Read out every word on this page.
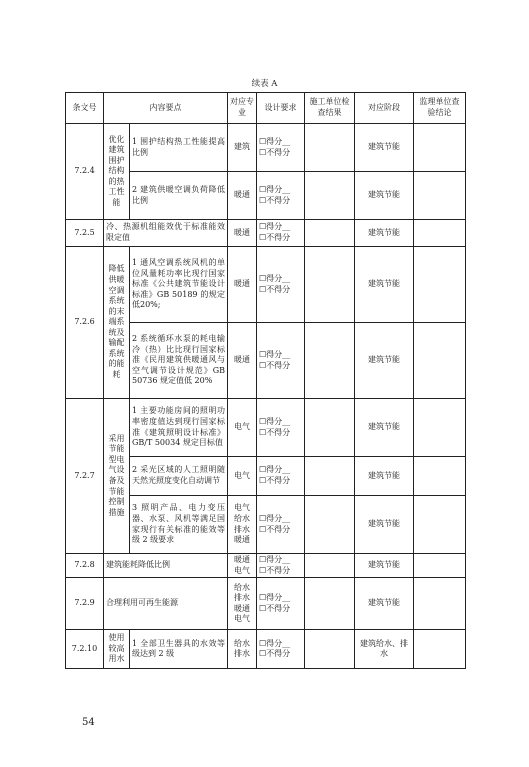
续表 A
条文号	内容要点		对应专业	设计要求	施工单位检查结果	对应阶段	监理单位查验结论
7.2.4	优化建筑围护结构的热工性能	1 围护结构热工性能提高比例	建筑	☐得分__
☐不得分		建筑节能	
		2 建筑供暖空调负荷降低比例	暖通	☐得分__
☐不得分		建筑节能	
7.2.5	冷、热源机组能效优于标准能效限定值		暖通	☐得分__
☐不得分		建筑节能	
7.2.6	降低供暖空调系统的末端系统及输配系统的能耗	1 通风空调系统风机的单位风量耗功率比现行国家标准《公共建筑节能设计标准》GB 50189 的规定低20%;	暖通	☐得分__
☐不得分		建筑节能	
		2 系统循环水泵的耗电输冷（热）比比现行国家标准《民用建筑供暖通风与空气调节设计规范》GB 50736 规定值低 20%	暖通	☐得分__
☐不得分		建筑节能	
7.2.7	采用节能型电气设备及节能控制措施	1 主要功能房间的照明功率密度值达到现行国家标准《建筑照明设计标准》GB/T 50034 规定目标值	电气	☐得分__
☐不得分		建筑节能	
		2 采光区域的人工照明随天然光照度变化自动调节	电气	☐得分__
☐不得分		建筑节能	
		3 照明产品、电力变压器、水泵、风机等满足国家现行有关标准的能效等级 2 级要求	电气
给水
排水
暖通	☐得分__
☐不得分		建筑节能	
7.2.8	建筑能耗降低比例		暖通
电气	☐得分__
☐不得分		建筑节能	
7.2.9	合理利用可再生能源		给水
排水
暖通
电气	☐得分__
☐不得分		建筑节能	
7.2.10	使用较高用水	1 全部卫生器具的水效等级达到 2 级	给水
排水	☐得分__
☐不得分		建筑给水、排水	
54
